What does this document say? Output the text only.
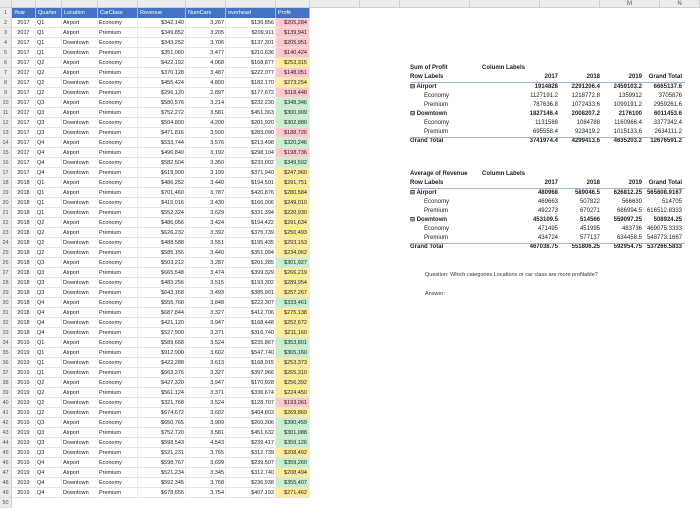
M	N
1
2
3
4
5
6
7
8
9
10
11
12
13
14
15
16
17
18
19
20
21
22
23
24
25
26
27
28
29
30
31
32
33
34
35
36
37
38
39
40
41
42
43
44
45
46
47
48
49
50
Year	Quarter	Location	CarClass	Revenue	NumCars	overhead	Profit
2017	Q1	Airport	Economy	$342,140	3,267	$136,856	$205,284
2017	Q1	Airport	Premium	$349,852	3,205	$209,911	$139,941
2017	Q1	Downtown	Economy	$343,252	3,706	$137,301	$205,951
2017	Q1	Downtown	Premium	$351,060	3,477	$210,636	$140,424
2017	Q2	Airport	Economy	$422,192	4,068	$168,877	$253,315
2017	Q2	Airport	Premium	$370,128	3,487	$222,077	$148,051
2017	Q2	Downtown	Economy	$455,424	4,800	$182,170	$273,254
2017	Q2	Downtown	Premium	$296,120	2,897	$177,672	$118,448
2017	Q3	Airport	Economy	$580,576	3,214	$232,230	$348,346
2017	Q3	Airport	Premium	$752,272	3,581	$451,363	$300,909
2017	Q3	Downtown	Economy	$504,800	4,200	$201,920	$302,880
2017	Q3	Downtown	Premium	$471,816	3,500	$283,090	$188,726
2017	Q4	Airport	Economy	$533,744	3,576	$213,498	$320,246
2017	Q4	Airport	Premium	$496,840	3,192	$298,104	$198,736
2017	Q4	Downtown	Economy	$582,504	3,350	$233,002	$349,502
2017	Q4	Downtown	Premium	$619,900	3,199	$371,940	$247,960
2018	Q1	Airport	Economy	$486,252	3,440	$194,501	$291,751
2018	Q1	Airport	Premium	$701,460	3,787	$420,876	$280,584
2018	Q1	Downtown	Economy	$415,016	3,430	$166,006	$249,010
2018	Q1	Downtown	Premium	$552,324	3,629	$331,394	$220,930
2018	Q2	Airport	Economy	$486,056	3,424	$194,422	$291,634
2018	Q2	Airport	Premium	$626,232	3,392	$375,739	$250,493
2018	Q2	Downtown	Economy	$488,588	3,551	$195,435	$293,153
2018	Q2	Downtown	Premium	$585,156	3,440	$351,094	$234,062
2018	Q3	Airport	Economy	$503,212	3,287	$201,285	$301,927
2018	Q3	Airport	Premium	$665,548	3,474	$399,329	$266,219
2018	Q3	Downtown	Economy	$483,256	3,515	$193,302	$289,954
2018	Q3	Downtown	Premium	$643,168	3,493	$385,901	$257,267
2018	Q4	Airport	Economy	$555,768	3,848	$222,307	$333,461
2018	Q4	Airport	Premium	$687,844	3,327	$412,706	$275,138
2018	Q4	Downtown	Economy	$421,120	3,947	$168,448	$252,672
2018	Q4	Downtown	Premium	$527,900	3,371	$316,740	$211,160
2019	Q1	Airport	Economy	$589,668	3,524	$235,867	$353,801
2019	Q1	Airport	Premium	$912,900	3,602	$547,740	$365,160
2019	Q1	Downtown	Economy	$422,288	3,613	$168,915	$253,373
2019	Q1	Downtown	Premium	$663,276	3,327	$397,966	$265,310
2019	Q2	Airport	Economy	$427,320	3,947	$170,928	$256,392
2019	Q2	Airport	Premium	$561,124	3,371	$336,674	$224,450
2019	Q2	Downtown	Economy	$321,768	3,524	$128,707	$193,061
2019	Q2	Downtown	Premium	$674,672	3,602	$404,803	$269,869
2019	Q3	Airport	Economy	$650,765	3,909	$260,306	$390,459
2019	Q3	Airport	Premium	$752,720	3,581	$451,632	$301,088
2019	Q3	Downtown	Economy	$598,543	4,543	$239,417	$359,126
2019	Q3	Downtown	Premium	$521,231	3,765	$312,739	$208,492
2019	Q4	Airport	Economy	$598,767	3,699	$239,507	$359,260
2019	Q4	Airport	Premium	$521,234	3,345	$312,740	$208,494
2019	Q4	Downtown	Economy	$592,345	3,768	$236,938	$355,407
2019	Q4	Downtown	Premium	$678,655	3,754	$407,193	$271,462
Sum of Profit	Column Labels
Row Labels	2017	2018	2019	Grand Total
⊟ Airport	1914828	2291206.4	2459103.2	6665137.6
Economy	1127191.2	1218772.8	1359912	3705876
Premium	787636.8	1072433.6	1099191.2	2959261.6
⊟ Downtown	1827146.4	2008207.2	2176100	6011453.6
Economy	1131588	1084788	1160966.4	3377342.4
Premium	695558.4	923419.2	1015133.6	2634111.2
Grand Total	3741974.4	4299413.6	4635203.2	12676591.2
Average of Revenue Column Labels
Row Labels	2017	2018	2019	Grand Total
⊟ Airport	480968	589046.5	626812.25 565608.9167
Economy	469663	507822	566630	514705
Premium	492273	670271	686994.5 616512.8333
⊟ Downtown	453109.5	514566	559097.25	508924.25
Economy	471495	451995	483736 469075.3333
Premium	434724	577137	634458.5 548773.1667
Grand Total	467038.75	551806.25	592954.75 537266.5833
Question: Which categories Locations or car class are more profitable?
Answer:
